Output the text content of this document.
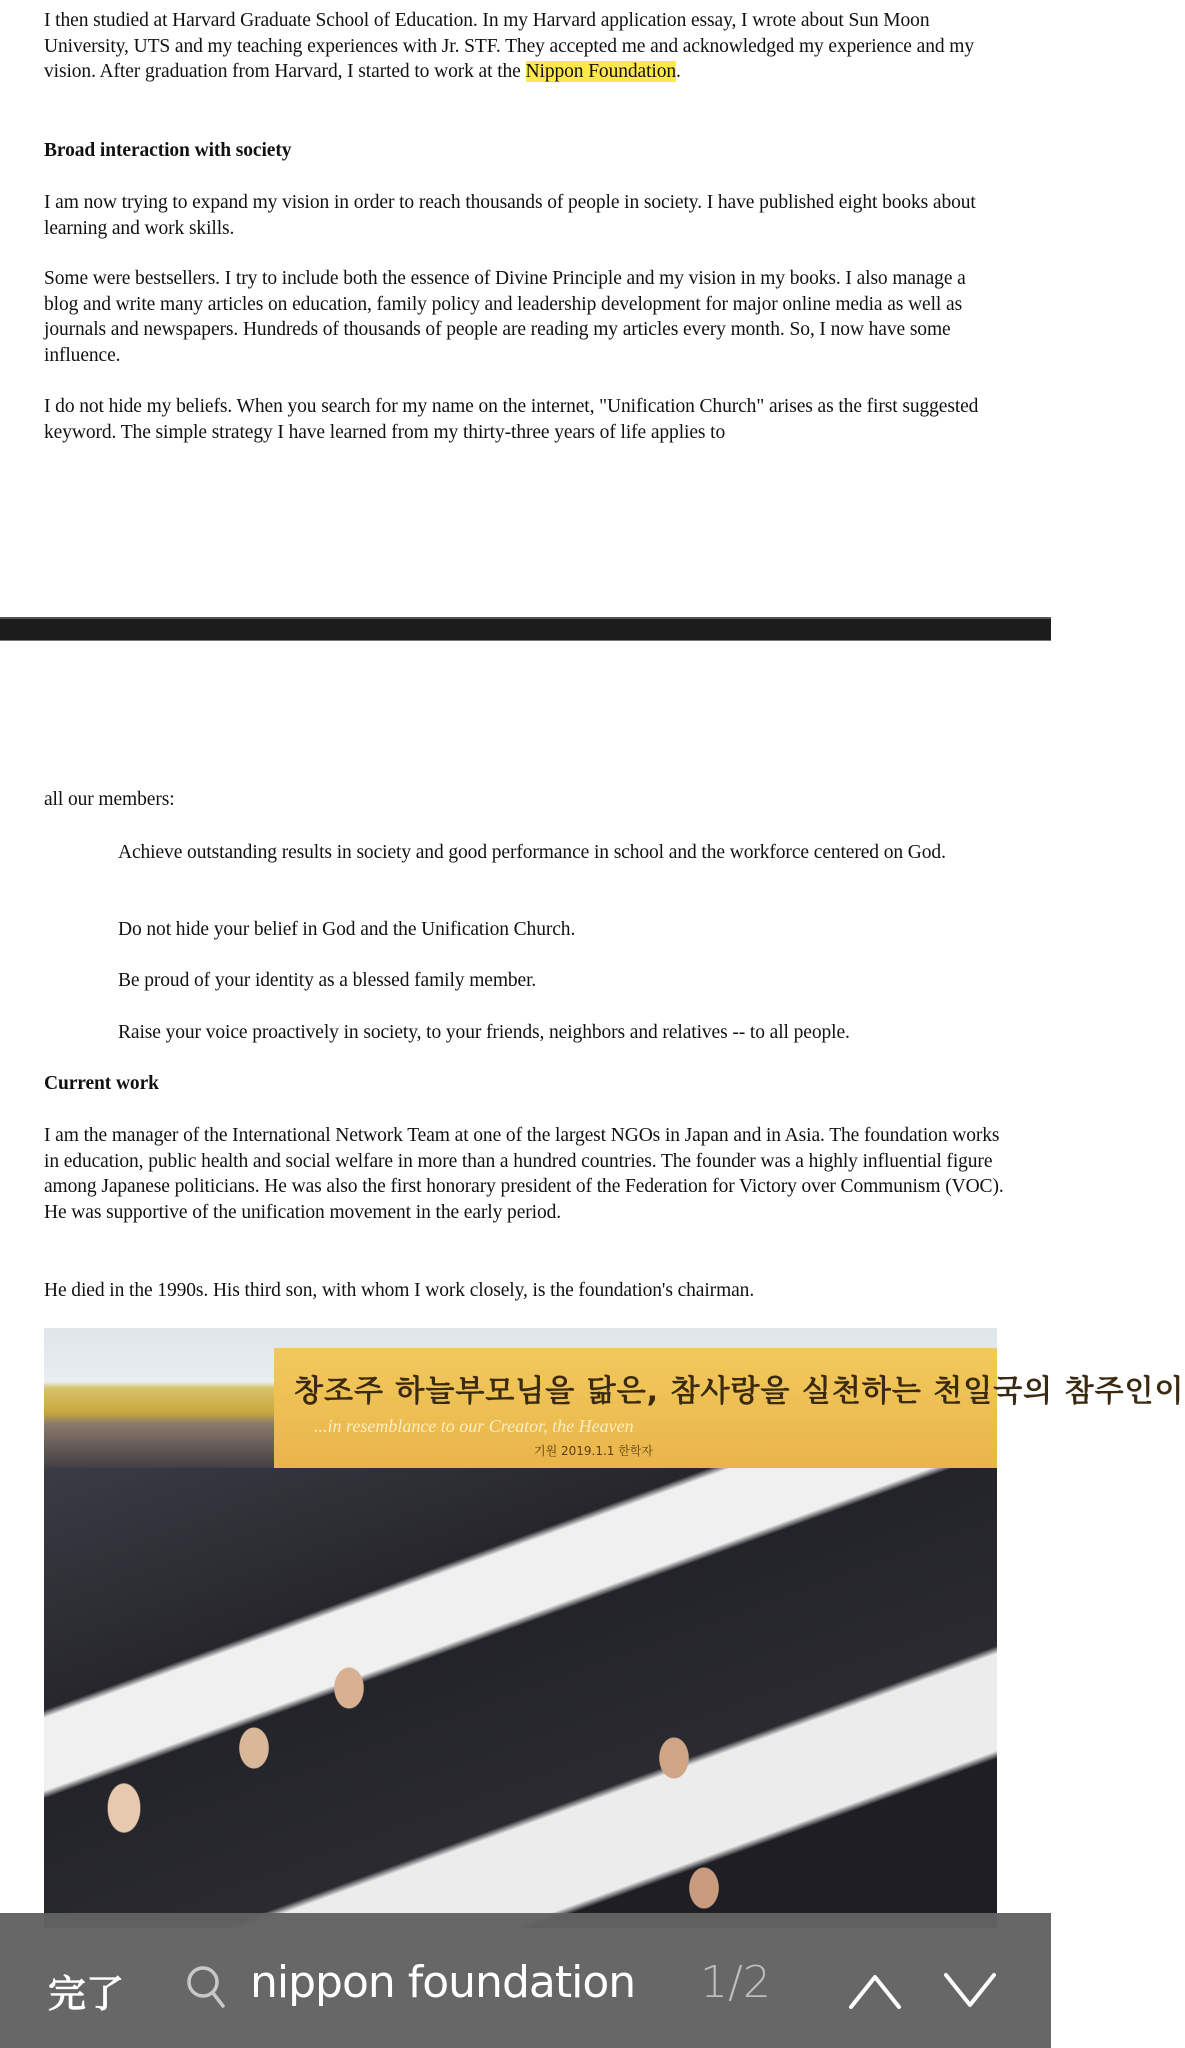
I then studied at Harvard Graduate School of Education. In my Harvard application essay, I wrote about Sun Moon University, UTS and my teaching experiences with Jr. STF. They accepted me and acknowledged my experience and my vision. After graduation from Harvard, I started to work at the Nippon Foundation.

Broad interaction with society

I am now trying to expand my vision in order to reach thousands of people in society. I have published eight books about learning and work skills.

Some were bestsellers. I try to include both the essence of Divine Principle and my vision in my books. I also manage a blog and write many articles on education, family policy and leadership development for major online media as well as journals and newspapers. Hundreds of thousands of people are reading my articles every month. So, I now have some influence.

I do not hide my beliefs. When you search for my name on the internet, "Unification Church" arises as the first suggested keyword. The simple strategy I have learned from my thirty-three years of life applies to

all our members:

Achieve outstanding results in society and good performance in school and the workforce centered on God.

Do not hide your belief in God and the Unification Church.

Be proud of your identity as a blessed family member.

Raise your voice proactively in society, to your friends, neighbors and relatives -- to all people.

Current work

I am the manager of the International Network Team at one of the largest NGOs in Japan and in Asia. The foundation works in education, public health and social welfare in more than a hundred countries. The founder was a highly influential figure among Japanese politicians. He was also the first honorary president of the Federation for Victory over Communism (VOC). He was supportive of the unification movement in the early period.

He died in the 1990s. His third son, with whom I work closely, is the foundation's chairman.

창조주 하늘부모님을 닮은, 참사랑을 실천하는 천일국의 참주인이
...in resemblance to our Creator, the Heaven
기원 2019.1.1 한학자
完了	nippon foundation 1/2
